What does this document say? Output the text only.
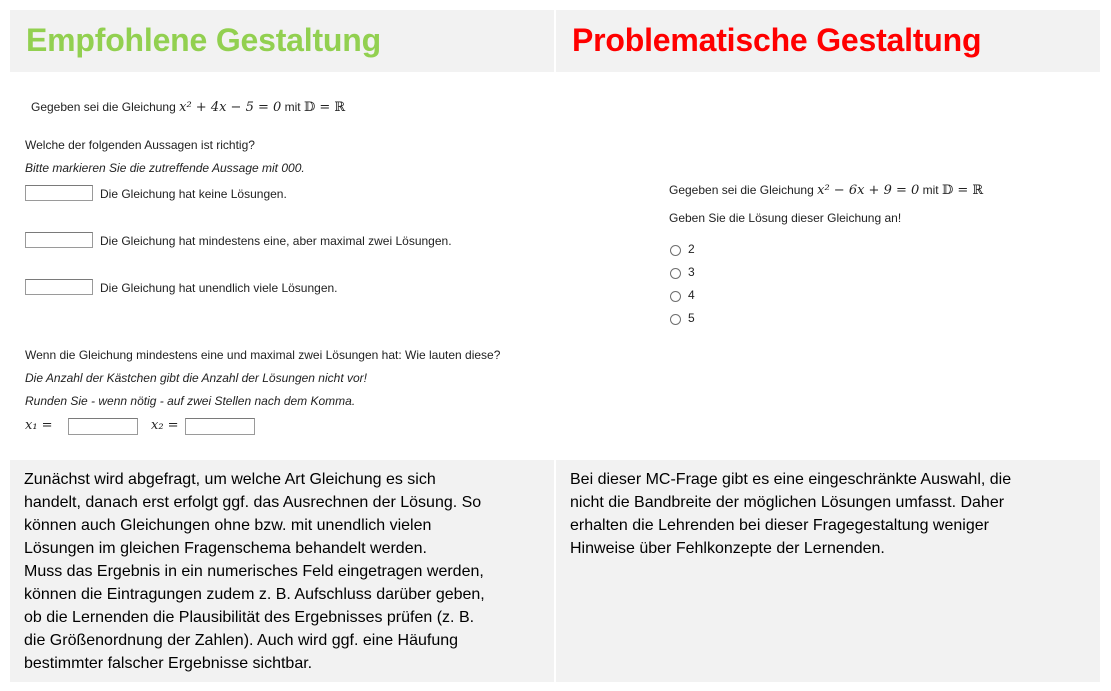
Empfohlene Gestaltung	Problematische Gestaltung
Gegeben sei die Gleichung x² + 4x − 5 = 0 mit 𝔻 = ℝ
Welche der folgenden Aussagen ist richtig?
Bitte markieren Sie die zutreffende Aussage mit 000.
Die Gleichung hat keine Lösungen.
Die Gleichung hat mindestens eine, aber maximal zwei Lösungen.
Die Gleichung hat unendlich viele Lösungen.
Wenn die Gleichung mindestens eine und maximal zwei Lösungen hat: Wie lauten diese?
Die Anzahl der Kästchen gibt die Anzahl der Lösungen nicht vor!
Runden Sie - wenn nötig - auf zwei Stellen nach dem Komma.
x₁ =	x₂ =
Gegeben sei die Gleichung x² − 6x + 9 = 0 mit 𝔻 = ℝ
Geben Sie die Lösung dieser Gleichung an!
2
3
4
5

Zunächst wird abgefragt, um welche Art Gleichung es sich

handelt, danach erst erfolgt ggf. das Ausrechnen der Lösung. So

können auch Gleichungen ohne bzw. mit unendlich vielen

Lösungen im gleichen Fragenschema behandelt werden.

Muss das Ergebnis in ein numerisches Feld eingetragen werden,

können die Eintragungen zudem z. B. Aufschluss darüber geben,

ob die Lernenden die Plausibilität des Ergebnisses prüfen (z. B.

die Größenordnung der Zahlen). Auch wird ggf. eine Häufung

bestimmter falscher Ergebnisse sichtbar.

Bei dieser MC-Frage gibt es eine eingeschränkte Auswahl, die

nicht die Bandbreite der möglichen Lösungen umfasst. Daher

erhalten die Lehrenden bei dieser Fragegestaltung weniger

Hinweise über Fehlkonzepte der Lernenden.
